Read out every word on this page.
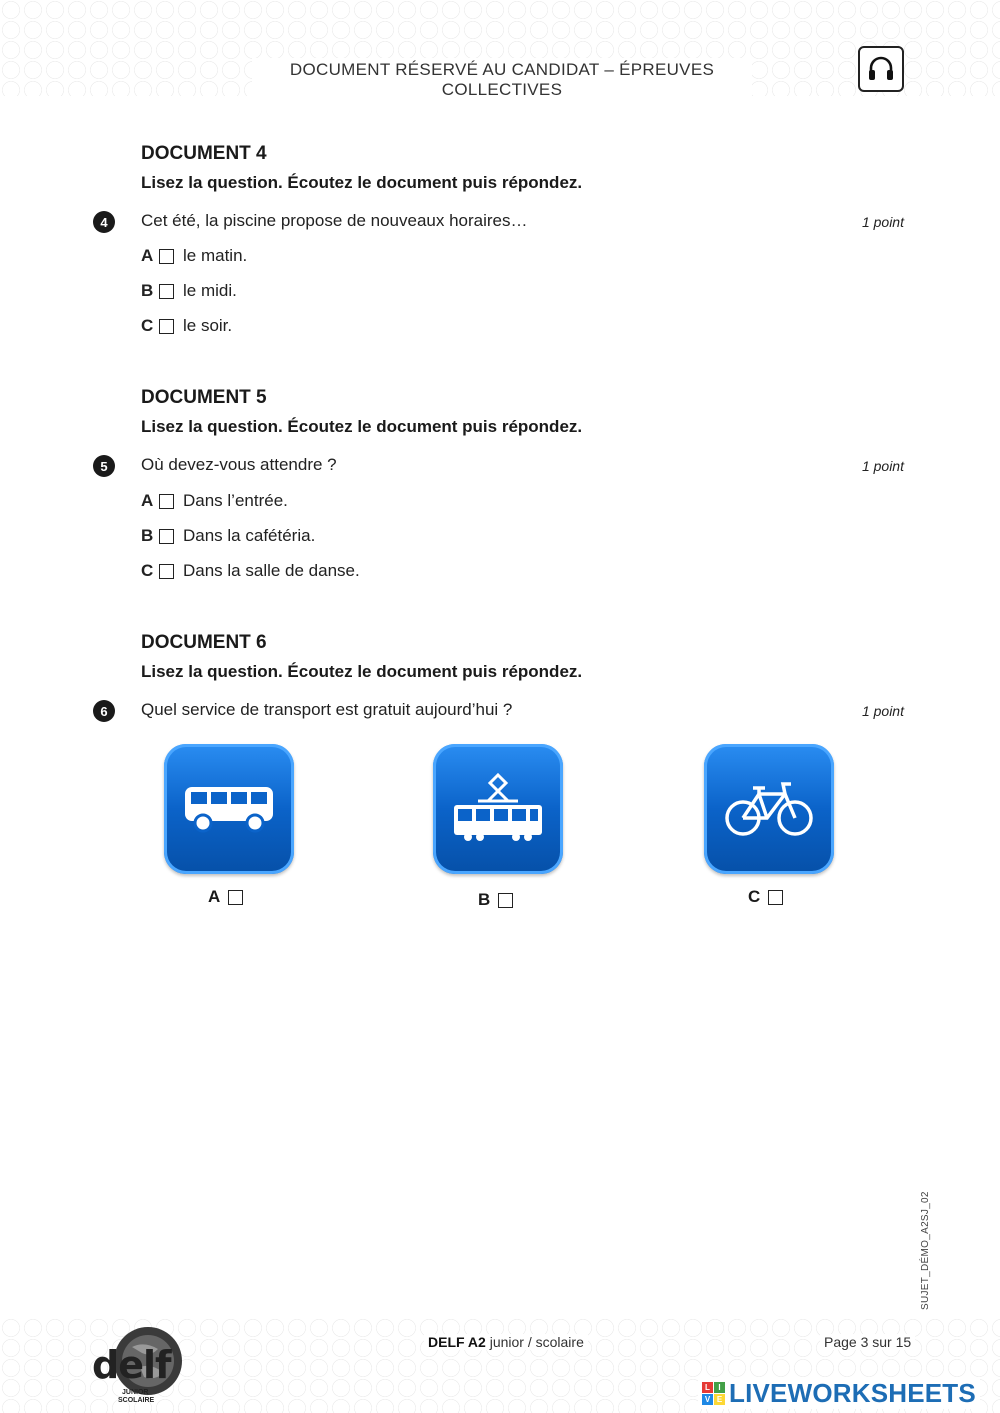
DOCUMENT RÉSERVÉ AU CANDIDAT – ÉPREUVES COLLECTIVES
DOCUMENT 4
Lisez la question. Écoutez le document puis répondez.
4	Cet été, la piscine propose de nouveaux horaires…	1 point
A	le matin.
B	le midi.
C	le soir.
DOCUMENT 5
Lisez la question. Écoutez le document puis répondez.
5	Où devez-vous attendre ?	1 point
A	Dans l’entrée.
B	Dans la cafétéria.
C	Dans la salle de danse.
DOCUMENT 6
Lisez la question. Écoutez le document puis répondez.
6	Quel service de transport est gratuit aujourd’hui ?	1 point
A	B	C
SUJET_DÉMO_A2SJ_02
delf
JUNIOR
SCOLAIRE
DELF A2 junior / scolaire	Page 3 sur 15
L	I
V E LIVEWORKSHEETS
